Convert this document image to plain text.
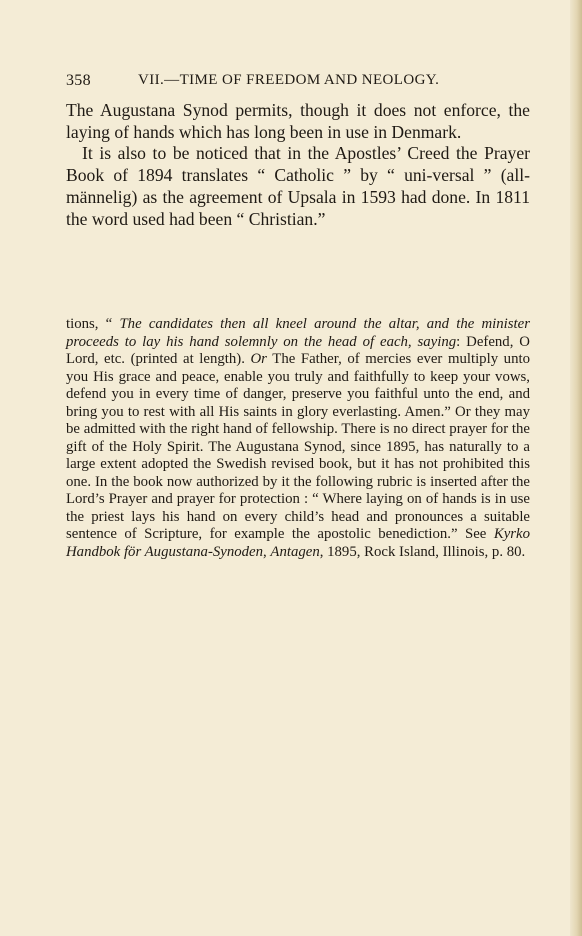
358	VII.—TIME OF FREEDOM AND NEOLOGY.

The Augustana Synod permits, though it does not enforce, the laying of hands which has long been in use in Denmark.

It is also to be noticed that in the Apostles’ Creed the Prayer Book of 1894 translates “ Catholic ” by “ uni-versal ” (all-männelig) as the agreement of Upsala in 1593 had done. In 1811 the word used had been “ Christian.”

tions, “ The candidates then all kneel around the altar, and the minister proceeds to lay his hand solemnly on the head of each, saying: Defend, O Lord, etc. (printed at length). Or The Father, of mercies ever multiply unto you His grace and peace, enable you truly and faithfully to keep your vows, defend you in every time of danger, preserve you faithful unto the end, and bring you to rest with all His saints in glory everlasting. Amen.” Or they may be admitted with the right hand of fellowship. There is no direct prayer for the gift of the Holy Spirit. The Augustana Synod, since 1895, has naturally to a large extent adopted the Swedish revised book, but it has not prohibited this one. In the book now authorized by it the following rubric is inserted after the Lord’s Prayer and prayer for protection : “ Where laying on of hands is in use the priest lays his hand on every child’s head and pronounces a suitable sentence of Scripture, for example the apostolic benediction.” See Kyrko Handbok för Augustana-Synoden, Antagen, 1895, Rock Island, Illinois, p. 80.
